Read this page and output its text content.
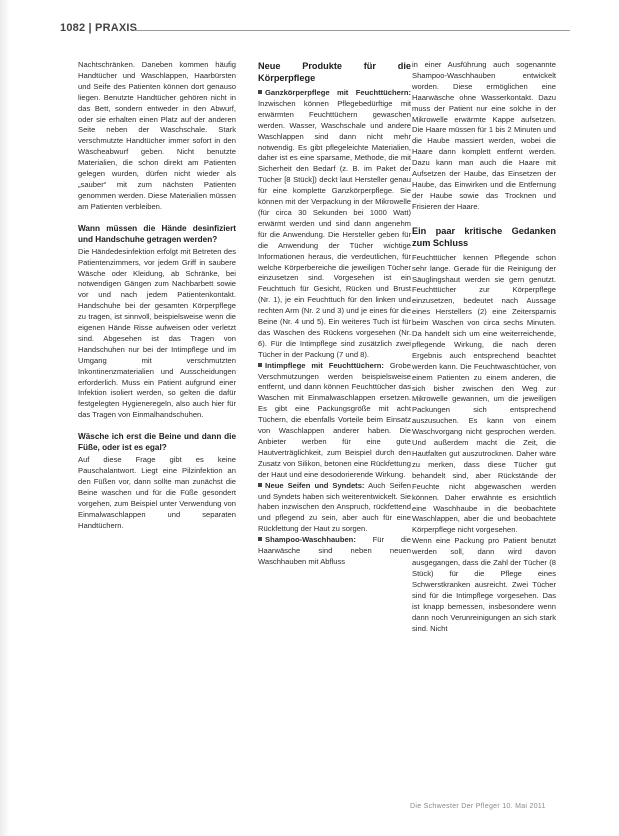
1082 | PRAXIS

Nachtschränken. Daneben kommen häufig Handtücher und Waschlappen, Haarbürsten und Seife des Patienten können dort genauso liegen. Benutzte Handtücher gehören nicht in das Bett, sondern entweder in den Abwurf, oder sie erhalten einen Platz auf der anderen Seite neben der Waschschale. Stark verschmutzte Handtücher immer sofort in den Wäscheabwurf geben. Nicht benutzte Materialien, die schon direkt am Patienten gelegen wurden, dürfen nicht wieder als „sauber“ mit zum nächsten Patienten genommen werden. Diese Materialien müssen am Patienten verbleiben.

Wann müssen die Hände desinfiziert und Handschuhe getragen werden?

Die Händedesinfektion erfolgt mit Betreten des Patientenzimmers, vor jedem Griff in saubere Wäsche oder Kleidung, ab Schränke, bei notwendigen Gängen zum Nachbarbett sowie vor und nach jedem Patientenkontakt. Handschuhe bei der gesamten Körperpflege zu tragen, ist sinnvoll, beispielsweise wenn die eigenen Hände Risse aufweisen oder verletzt sind. Abgesehen ist das Tragen von Handschuhen nur bei der Intimpflege und im Umgang mit verschmutzten Inkontinenzmaterialien und Ausscheidungen erforderlich. Muss ein Patient aufgrund einer Infektion isoliert werden, so gelten die dafür festgelegten Hygieneregeln, also auch hier für das Tragen von Einmalhandschuhen.

Wäsche ich erst die Beine und dann die Füße, oder ist es egal?

Auf diese Frage gibt es keine Pauschalantwort. Liegt eine Pilzinfektion an den Füßen vor, dann sollte man zunächst die Beine waschen und für die Füße gesondert vorgehen, zum Beispiel unter Verwendung von Einmalwaschlappen und separaten Handtüchern.

Neue Produkte für die Körperpflege

Ganzkörperpflege mit Feuchttüchern: Inzwischen können Pflegebedürftige mit erwärmten Feuchttüchern gewaschen werden. Wasser, Waschschale und andere Waschlappen sind dann nicht mehr notwendig. Es gibt pflegeleichte Materialien, daher ist es eine sparsame, Methode, die mit Sicherheit den Bedarf (z. B. im Paket der Tücher [8 Stück]) deckt laut Hersteller genau für eine komplette Ganzkörperpflege. Sie können mit der Verpackung in der Mikrowelle (für circa 30 Sekunden bei 1000 Watt) erwärmt werden und sind dann angenehm für die Anwendung. Die Hersteller geben für die Anwendung der Tücher wichtige Informationen heraus, die verdeutlichen, für welche Körperbereiche die jeweiligen Tücher einzusetzen sind. Vorgesehen ist ein Feuchttuch für Gesicht, Rücken und Brust (Nr. 1), je ein Feuchttuch für den linken und rechten Arm (Nr. 2 und 3) und je eines für die Beine (Nr. 4 und 5). Ein weiteres Tuch ist für das Waschen des Rückens vorgesehen (Nr. 6). Für die Intimpflege sind zusätzlich zwei Tücher in der Packung (7 und 8).

Intimpflege mit Feuchttüchern: Grobe Verschmutzungen werden beispielsweise entfernt, und dann können Feuchttücher das Waschen mit Einmalwaschlappen ersetzen. Es gibt eine Packungsgröße mit acht Tüchern, die ebenfalls Vorteile beim Einsatz von Waschlappen anderer haben. Die Anbieter werben für eine gute Hautverträglichkeit, zum Beispiel durch den Zusatz von Silikon, betonen eine Rückfettung der Haut und eine desodorierende Wirkung.

Neue Seifen und Syndets: Auch Seifen und Syndets haben sich weiterentwickelt. Sie haben inzwischen den Anspruch, rückfettend und pflegend zu sein, aber auch für eine Rückfettung der Haut zu sorgen.

Shampoo-Waschhauben: Für die Haarwäsche sind neben neuen Waschhauben mit Abfluss

in einer Ausführung auch sogenannte Shampoo-Waschhauben entwickelt worden. Diese ermöglichen eine Haarwäsche ohne Wasserkontakt. Dazu muss der Patient nur eine solche in der Mikrowelle erwärmte Kappe aufsetzen. Die Haare müssen für 1 bis 2 Minuten und die Haube massiert werden, wobei die Haare dann komplett entfernt werden. Dazu kann man auch die Haare mit Aufsetzen der Haube, das Einsetzen der Haube, das Einwirken und die Entfernung der Haube sowie das Trocknen und Frisieren der Haare.

Ein paar kritische Gedanken zum Schluss

Feuchttücher kennen Pflegende schon sehr lange. Gerade für die Reinigung der Säuglingshaut werden sie gern genutzt. Feuchttücher zur Körperpflege einzusetzen, bedeutet nach Aussage eines Herstellers (2) eine Zeitersparnis beim Waschen von circa sechs Minuten. Da handelt sich um eine weiterreichende, pflegende Wirkung, die nach deren Ergebnis auch entsprechend beachtet werden kann. Die Feuchtwaschtücher, von einem Patienten zu einem anderen, die sich bisher zwischen den Weg zur Mikrowelle gewannen, um die jeweiligen Packungen sich entsprechend auszusuchen. Es kann von einem Waschvorgang nicht gesprochen werden. Und außerdem macht die Zeit, die Hautfalten gut auszutrocknen. Daher wäre zu merken, dass diese Tücher gut behandelt sind, aber Rückstände der Feuchte nicht abgewaschen werden können. Daher erwähnte es ersichtlich eine Waschhaube in die beobachtete Waschlappen, aber die und beobachtete Körperpflege nicht vorgesehen.

Wenn eine Packung pro Patient benutzt werden soll, dann wird davon ausgegangen, dass die Zahl der Tücher (8 Stück) für die Pflege eines Schwerstkranken ausreicht. Zwei Tücher sind für die Intimpflege vorgesehen. Das ist knapp bemessen, insbesondere wenn dann noch Verunreinigungen an sich stark sind. Nicht

Die Schwester Der Pfleger 10. Mai 2011
